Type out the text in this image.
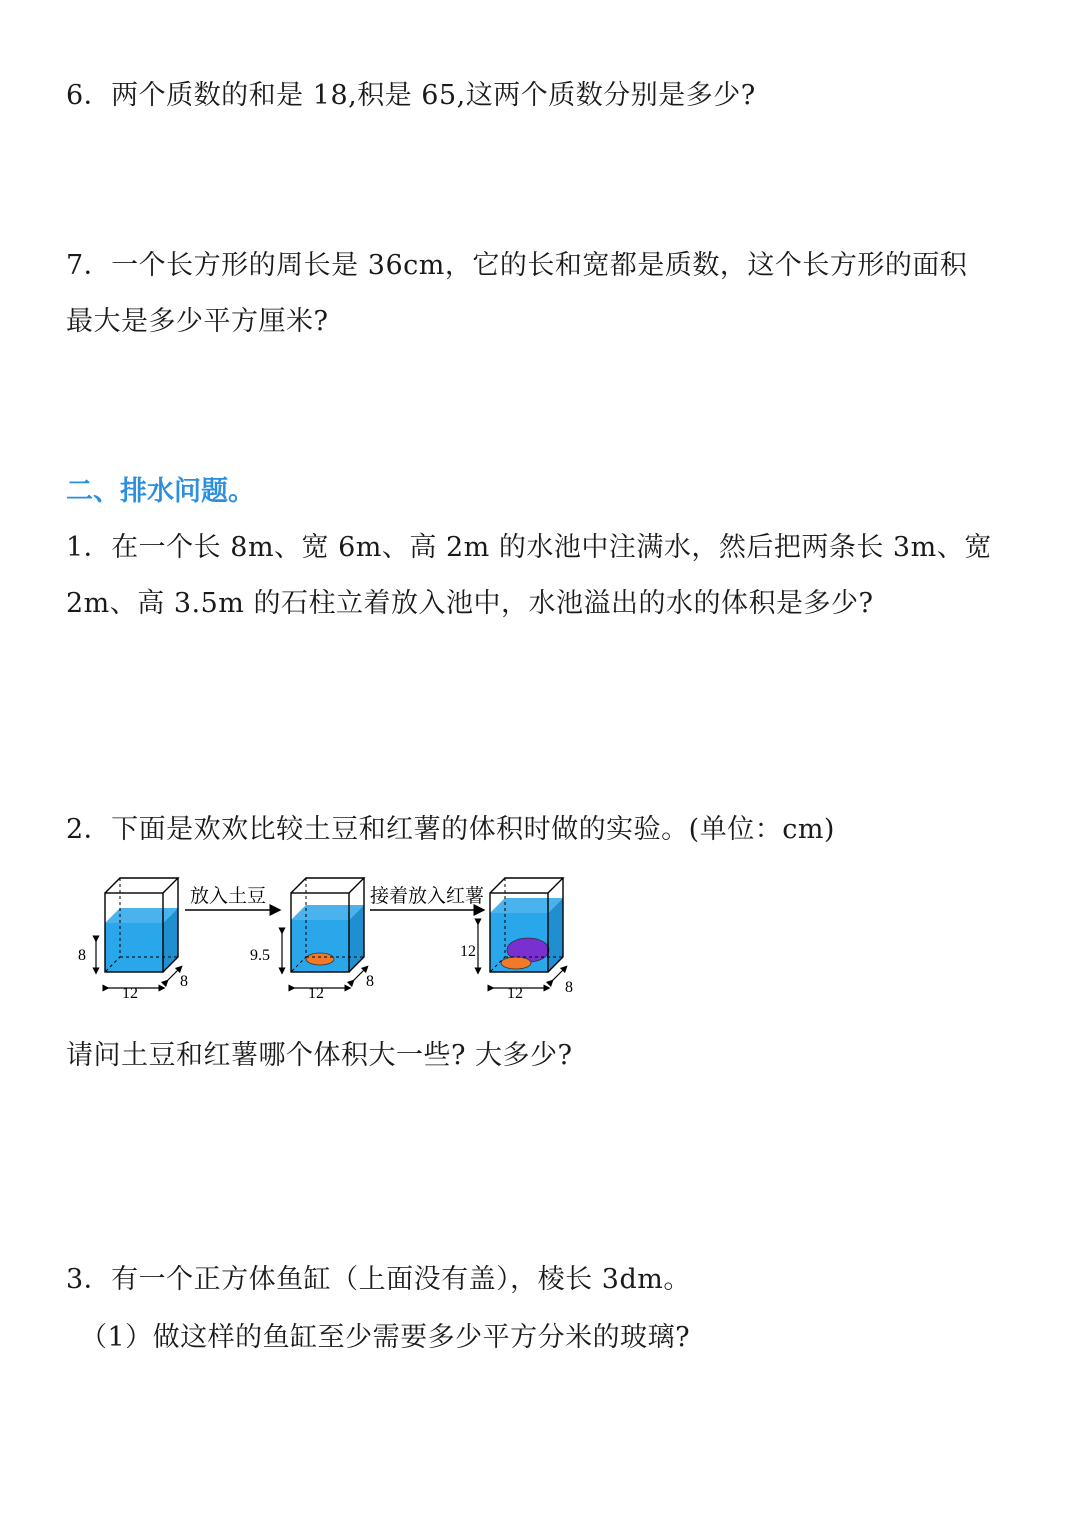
6．两个质数的和是 18,积是 65,这两个质数分别是多少?
7．一个长方形的周长是 36cm，它的长和宽都是质数，这个长方形的面积
最大是多少平方厘米?
二、排水问题。
1．在一个长 8m、宽 6m、高 2m 的水池中注满水，然后把两条长 3m、宽
2m、高 3.5m 的石柱立着放入池中，水池溢出的水的体积是多少?
2．下面是欢欢比较土豆和红薯的体积时做的实验。(单位：cm)
8
12
8
放入土豆
9.5
12
8
接着放入红薯
12
12	8
请问土豆和红薯哪个体积大一些? 大多少?
3．有一个正方体鱼缸（上面没有盖），棱长 3dm。
（1）做这样的鱼缸至少需要多少平方分米的玻璃?
